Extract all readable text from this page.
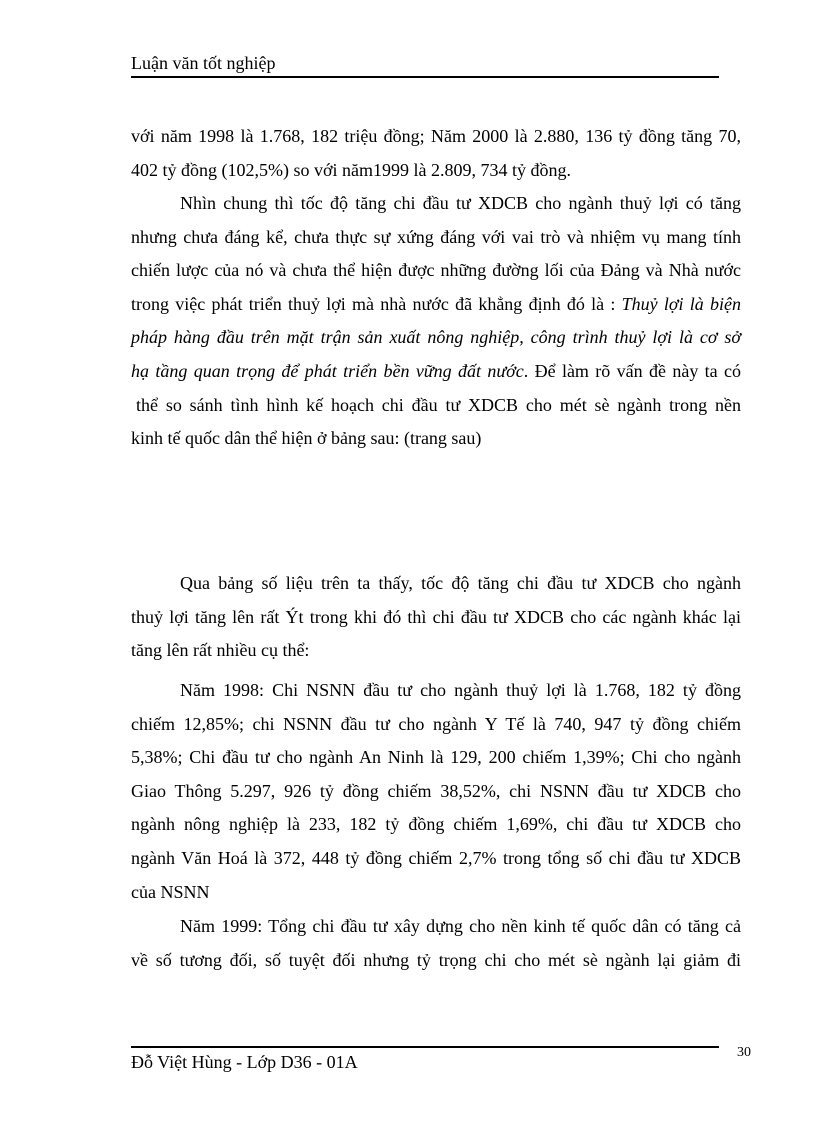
Luận văn tốt nghiệp
với năm 1998 là 1.768, 182 triệu đồng; Năm 2000 là 2.880, 136 tỷ đồng tăng 70,
402 tỷ đồng (102,5%) so với năm1999 là 2.809, 734 tỷ đồng.
Nhìn chung thì tốc độ tăng chi đầu tư XDCB cho ngành thuỷ lợi có tăng
nhưng chưa đáng kể, chưa thực sự xứng đáng với vai trò và nhiệm vụ mang tính
chiến lược của nó và chưa thể hiện được những đường lối của Đảng và Nhà nước
trong việc phát triển thuỷ lợi mà nhà nước đã khẳng định đó là : Thuỷ lợi là biện
pháp hàng đầu trên mặt trận sản xuất nông nghiệp, công trình thuỷ lợi là cơ sở
hạ tầng quan trọng để phát triển bền vững đất nước. Để làm rõ vấn đề này ta có
thể so sánh tình hình kế hoạch chi đầu tư XDCB cho mét sè ngành trong nền
kinh tế quốc dân thể hiện ở bảng sau: (trang sau)
Qua bảng số liệu trên ta thấy, tốc độ tăng chi đầu tư XDCB cho ngành
thuỷ lợi tăng lên rất Ýt trong khi đó thì chi đầu tư XDCB cho các ngành khác lại
tăng lên rất nhiều cụ thể:
Năm 1998: Chi NSNN đầu tư cho ngành thuỷ lợi là 1.768, 182 tỷ đồng
chiếm 12,85%; chi NSNN đầu tư cho ngành Y Tế là 740, 947 tỷ đồng chiếm
5,38%; Chi đầu tư cho ngành An Ninh là 129, 200 chiếm 1,39%; Chi cho ngành
Giao Thông 5.297, 926 tỷ đồng chiếm 38,52%, chi NSNN đầu tư XDCB cho
ngành nông nghiệp là 233, 182 tỷ đồng chiếm 1,69%, chi đầu tư XDCB cho
ngành Văn Hoá là 372, 448 tỷ đồng chiếm 2,7% trong tổng số chi đầu tư XDCB
của NSNN
Năm 1999: Tổng chi đầu tư xây dựng cho nền kinh tế quốc dân có tăng cả
về số tương đối, số tuyệt đối nhưng tỷ trọng chi cho mét sè ngành lại giảm đi
Đỗ Việt Hùng - Lớp D36 - 01A	30
